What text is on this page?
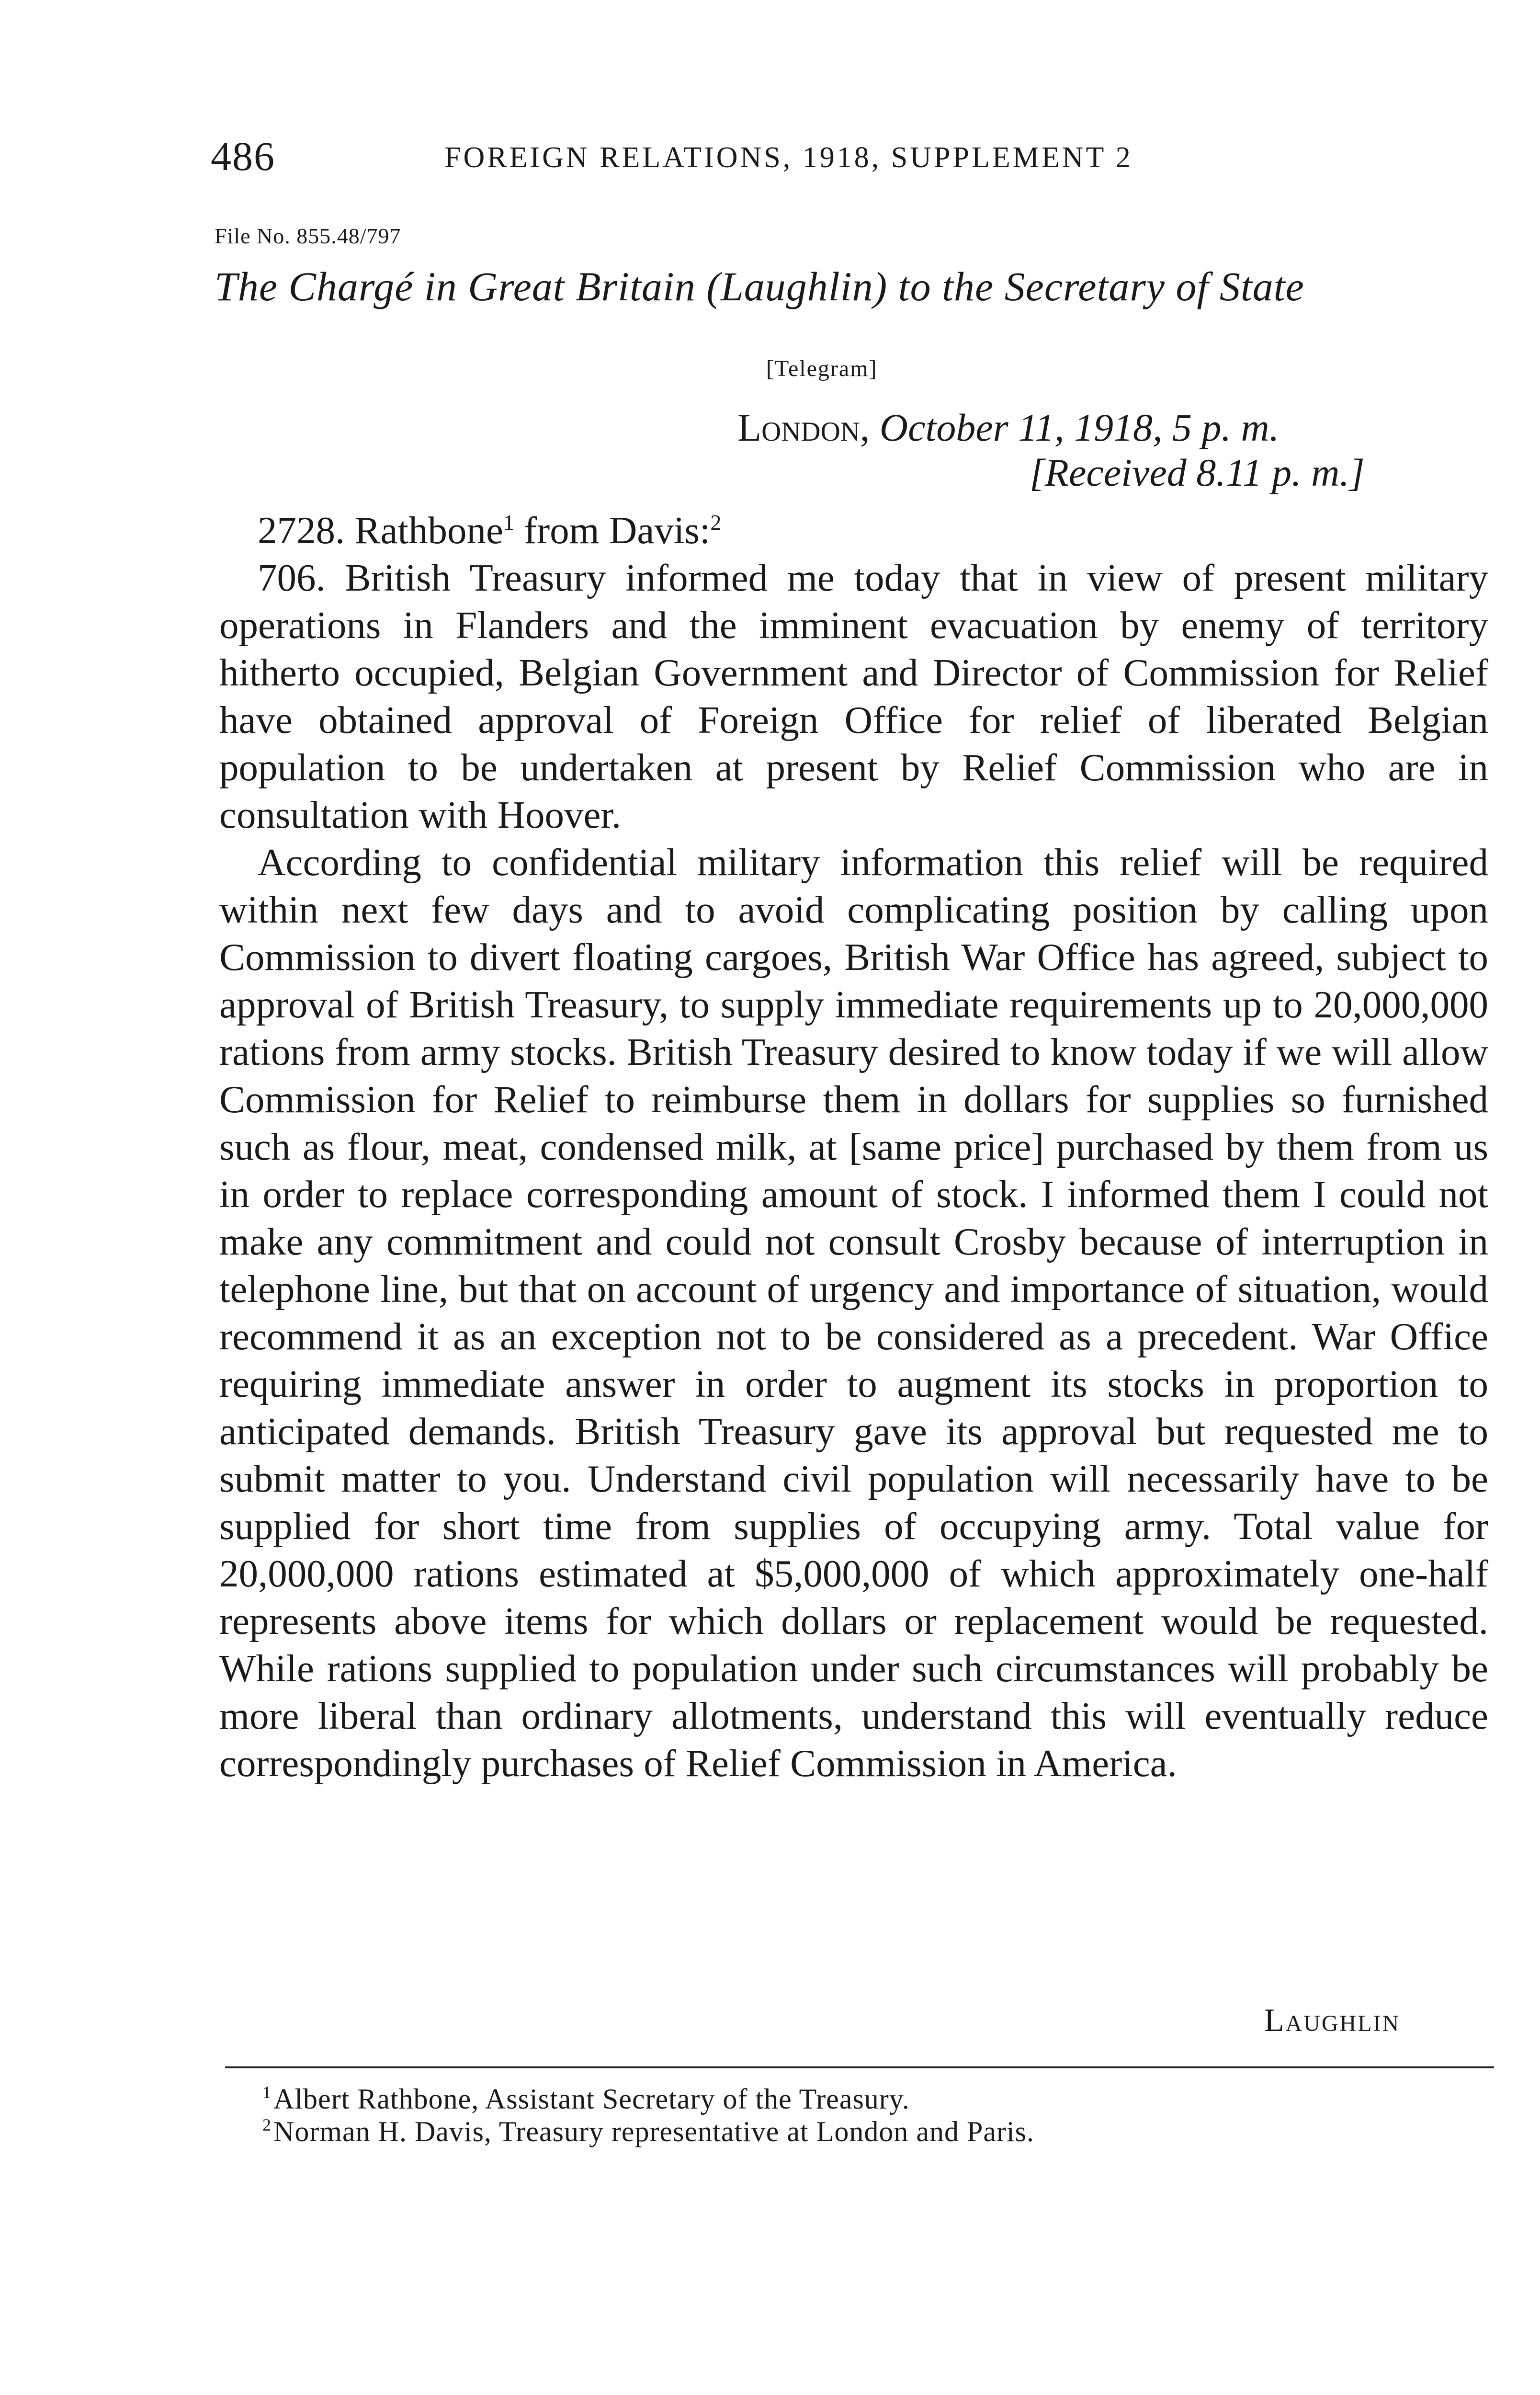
486	FOREIGN RELATIONS, 1918, SUPPLEMENT 2
File No. 855.48/797
The Chargé in Great Britain (Laughlin) to the Secretary of State
[Telegram]
London, October 11, 1918, 5 p. m.
[Received 8.11 p. m.]

2728. Rathbone$^1$ from Davis:$^2$

706. British Treasury informed me today that in view of present military operations in Flanders and the imminent evacuation by enemy of territory hitherto occupied, Belgian Government and Director of Commission for Relief have obtained approval of Foreign Office for relief of liberated Belgian population to be undertaken at present by Relief Commission who are in consultation with Hoover.

According to confidential military information this relief will be required within next few days and to avoid complicating position by calling upon Commission to divert floating cargoes, British War Office has agreed, subject to approval of British Treasury, to supply immediate requirements up to 20,000,000 rations from army stocks. British Treasury desired to know today if we will allow Commission for Relief to reimburse them in dollars for supplies so furnished such as flour, meat, condensed milk, at [same price] purchased by them from us in order to replace corresponding amount of stock. I informed them I could not make any commitment and could not consult Crosby because of interruption in telephone line, but that on account of urgency and importance of situation, would recommend it as an exception not to be considered as a precedent. War Office requiring immediate answer in order to augment its stocks in proportion to anticipated demands. British Treasury gave its approval but requested me to submit matter to you. Understand civil population will necessarily have to be supplied for short time from supplies of occupying army. Total value for 20,000,000 rations estimated at $5,000,000 of which approximately one-half represents above items for which dollars or replacement would be requested. While rations supplied to population under such circumstances will probably be more liberal than ordinary allotments, understand this will eventually reduce correspondingly purchases of Relief Commission in America.

Laughlin

$^1$Albert Rathbone, Assistant Secretary of the Treasury.

$^2$Norman H. Davis, Treasury representative at London and Paris.
